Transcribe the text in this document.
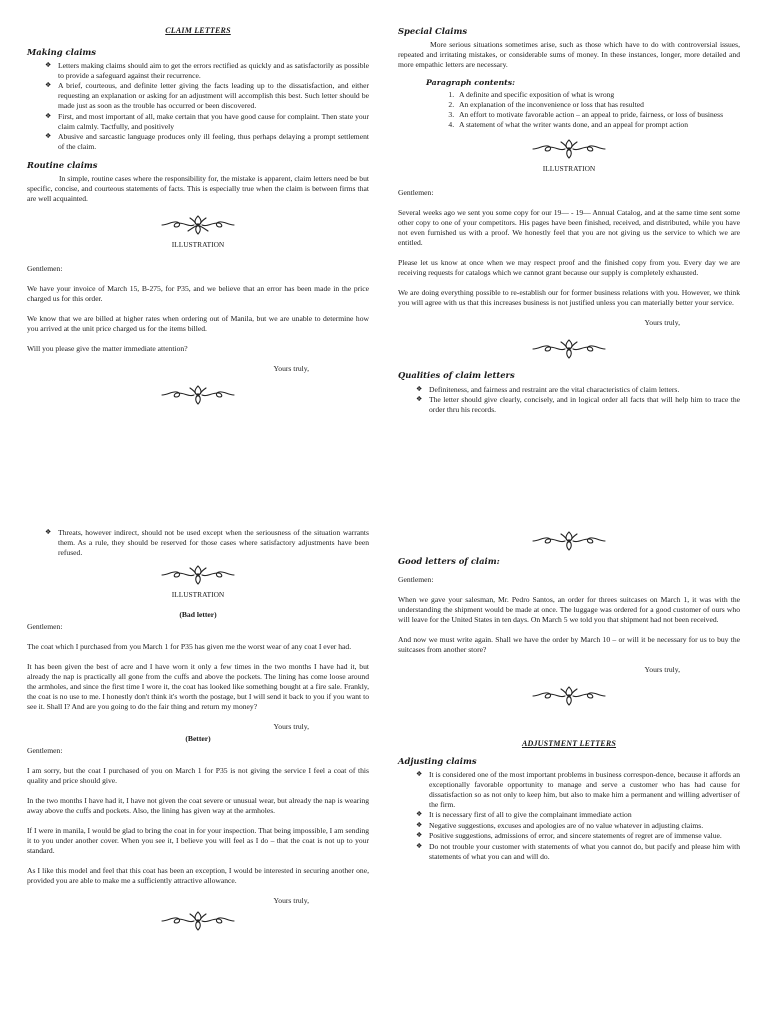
CLAIM LETTERS
Making claims
❖ Letters making claims should aim to get the errors rectified as quickly and as satisfactorily as possible to provide a safeguard against their recurrence.
❖ A brief, courteous, and definite letter giving the facts leading up to the dissatisfaction, and either requesting an explanation or asking for an adjustment will accomplish this best. Such letter should be made just as soon as the trouble has occurred or been discovered.
❖ First, and most important of all, make certain that you have good cause for complaint. Then state your claim calmly. Tactfully, and positively
❖ Abusive and sarcastic language produces only ill feeling, thus perhaps delaying a prompt settlement of the claim.
Routine claims

In simple, routine cases where the responsibility for, the mistake is apparent, claim letters need be but specific, concise, and courteous statements of facts. This is especially true when the claim is between firms that are well acquainted.

ILLUSTRATION
Gentlemen:

We have your invoice of March 15, B-275, for P35, and we believe that an error has been made in the price charged us for this order.

We know that we are billed at higher rates when ordering out of Manila, but we are unable to determine how you arrived at the unit price charged us for the items billed.

Will you please give the matter immediate attention?

Yours truly,
Special Claims

More serious situations sometimes arise, such as those which have to do with controversial issues, repeated and irritating mistakes, or considerable sums of money. In these instances, longer, more detailed and more empathic letters are necessary.

Paragraph contents:
1. A definite and specific exposition of what is wrong
2. An explanation of the inconvenience or loss that has resulted
3. An effort to motivate favorable action – an appeal to pride, fairness, or loss of business
4. A statement of what the writer wants done, and an appeal for prompt action
ILLUSTRATION
Gentlemen:

Several weeks ago we sent you some copy for our 19— - 19— Annual Catalog, and at the same time sent some other copy to one of your competitors. His pages have been finished, received, and distributed, while you have not even furnished us with a proof. We honestly feel that you are not giving us the service to which we are entitled.

Please let us know at once when we may respect proof and the finished copy from you. Every day we are receiving requests for catalogs which we cannot grant because our supply is completely exhausted.

We are doing everything possible to re-establish our for former business relations with you. However, we think you will agree with us that this increases business is not justified unless you can materially better your service.

Yours truly,
Qualities of claim letters
❖ Definiteness, and fairness and restraint are the vital characteristics of claim letters.
❖ The letter should give clearly, concisely, and in logical order all facts that will help him to trace the order thru his records.
❖ Threats, however indirect, should not be used except when the seriousness of the situation warrants them. As a rule, they should be reserved for those cases where satisfactory adjustments have been refused.
ILLUSTRATION
(Bad letter)
Gentlemen:

The coat which I purchased from you March 1 for P35 has given me the worst wear of any coat I ever had.

It has been given the best of acre and I have worn it only a few times in the two months I have had it, but already the nap is practically all gone from the cuffs and above the pockets. The lining has come loose around the armholes, and since the first time I wore it, the coat has looked like something bought at a fire sale. Frankly, the coat is no use to me. I honestly don't think it's worth the postage, but I will send it back to you if you want to see it. Shall I? And are you going to do the fair thing and return my money?

Yours truly,
(Better)
Gentlemen:

I am sorry, but the coat I purchased of you on March 1 for P35 is not giving the service I feel a coat of this quality and price should give.

In the two months I have had it, I have not given the coat severe or unusual wear, but already the nap is wearing away above the cuffs and pockets. Also, the lining has given way at the armholes.

If I were in manila, I would be glad to bring the coat in for your inspection. That being impossible, I am sending it to you under another cover. When you see it, I believe you will feel as I do – that the coat is not up to your standard.

As I like this model and feel that this coat has been an exception, I would be interested in securing another one, provided you are able to make me a sufficiently attractive allowance.

Yours truly,
Good letters of claim:
Gentlemen:

When we gave your salesman, Mr. Pedro Santos, an order for threes suitcases on March 1, it was with the understanding the shipment would be made at once. The luggage was ordered for a good customer of ours who will leave for the United States in ten days. On March 5 we told you that shipment had not been received.

And now we must write again. Shall we have the order by March 10 – or will it be necessary for us to buy the suitcases from another store?

Yours truly,
ADJUSTMENT LETTERS
Adjusting claims
❖ It is considered one of the most important problems in business correspon-dence, because it affords an exceptionally favorable opportunity to manage and serve a customer who has had cause for dissatisfaction so as not only to keep him, but also to make him a permanent and willing advertiser of the firm.
❖ It is necessary first of all to give the complainant immediate action
❖ Negative suggestions, excuses and apologies are of no value whatever in adjusting claims.
❖ Positive suggestions, admissions of error, and sincere statements of regret are of immense value.
❖ Do not trouble your customer with statements of what you cannot do, but pacify and please him with statements of what you can and will do.
